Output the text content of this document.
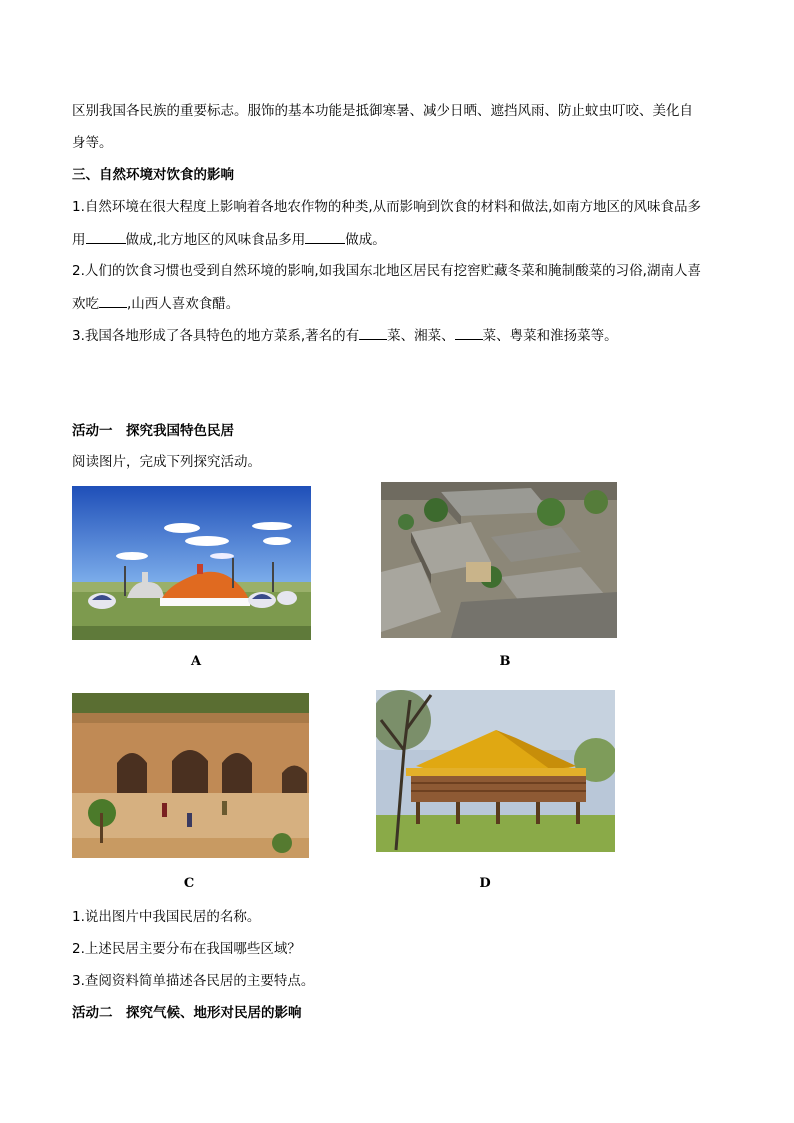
区别我国各民族的重要标志。服饰的基本功能是抵御寒暑、减少日晒、遮挡风雨、防止蚊虫叮咬、美化自

身等。

三、自然环境对饮食的影响

1.自然环境在很大程度上影响着各地农作物的种类,从而影响到饮食的材料和做法,如南方地区的风味食品多

用	做成,北方地区的风味食品多用	做成。

2.人们的饮食习惯也受到自然环境的影响,如我国东北地区居民有挖窖贮藏冬菜和腌制酸菜的习俗,湖南人喜

欢吃 ,山西人喜欢食醋。

3.我国各地形成了各具特色的地方菜系,著名的有 菜、湘菜、 菜、粤菜和淮扬菜等。

活动一　探究我国特色民居

阅读图片，完成下列探究活动。

A	B
C	D

1.说出图片中我国民居的名称。

2.上述民居主要分布在我国哪些区域？

3.查阅资料简单描述各民居的主要特点。

活动二　探究气候、地形对民居的影响
